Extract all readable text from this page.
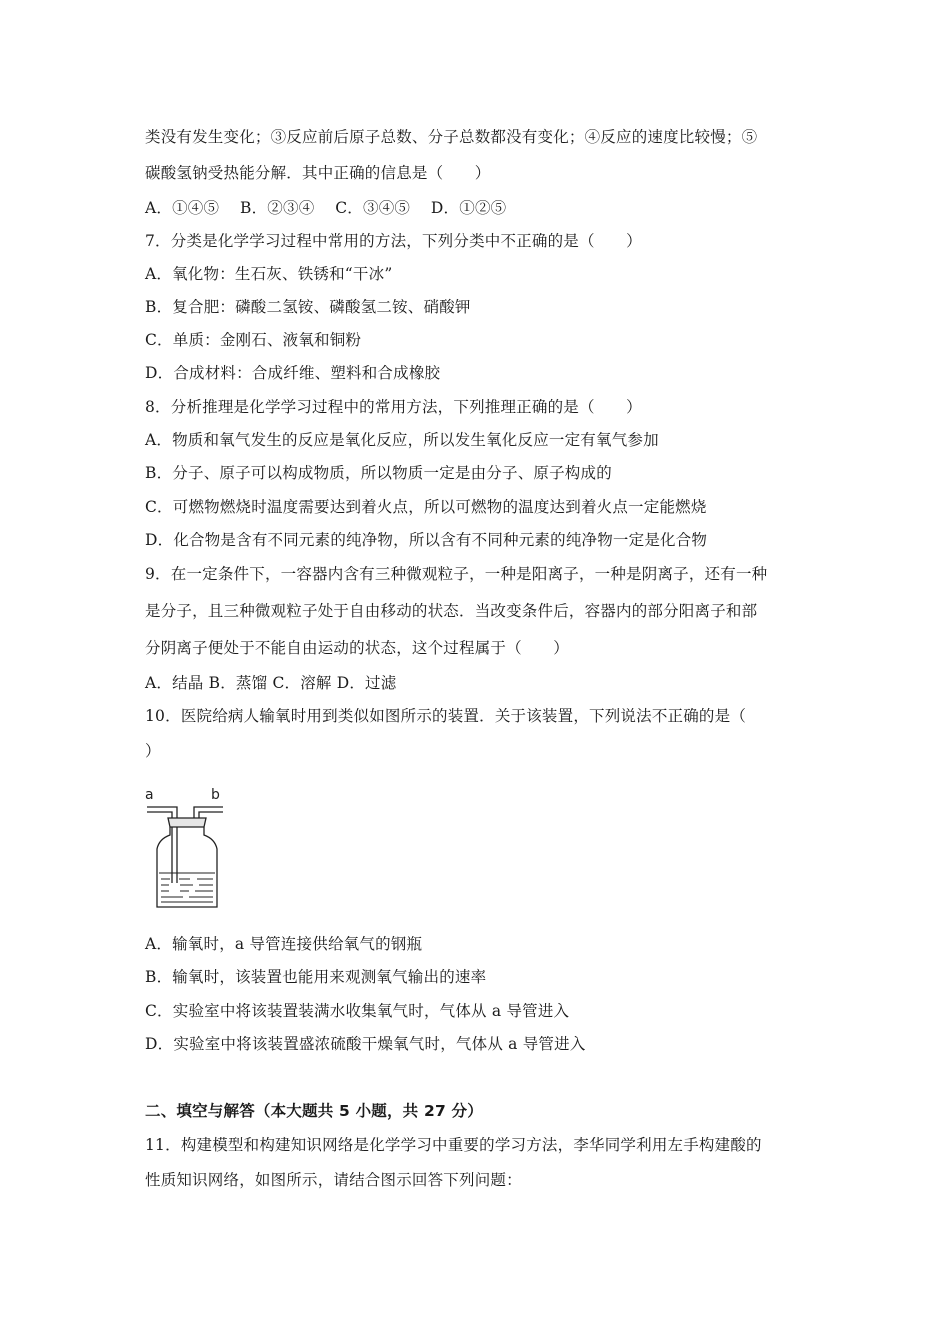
类没有发生变化；③反应前后原子总数、分子总数都没有变化；④反应的速度比较慢；⑤
碳酸氢钠受热能分解．其中正确的信息是（　　）
A．①④⑤　 B．②③④　 C．③④⑤　 D．①②⑤
7．分类是化学学习过程中常用的方法，下列分类中不正确的是（　　）
A．氧化物：生石灰、铁锈和“干冰”
B．复合肥：磷酸二氢铵、磷酸氢二铵、硝酸钾
C．单质：金刚石、液氧和铜粉
D．合成材料：合成纤维、塑料和合成橡胶
8．分析推理是化学学习过程中的常用方法，下列推理正确的是（　　）
A．物质和氧气发生的反应是氧化反应，所以发生氧化反应一定有氧气参加
B．分子、原子可以构成物质，所以物质一定是由分子、原子构成的
C．可燃物燃烧时温度需要达到着火点，所以可燃物的温度达到着火点一定能燃烧
D．化合物是含有不同元素的纯净物，所以含有不同种元素的纯净物一定是化合物
9．在一定条件下，一容器内含有三种微观粒子，一种是阳离子，一种是阴离子，还有一种
是分子，且三种微观粒子处于自由移动的状态．当改变条件后，容器内的部分阳离子和部
分阴离子便处于不能自由运动的状态，这个过程属于（　　）
A．结晶 B．蒸馏 C．溶解 D．过滤
10．医院给病人输氧时用到类似如图所示的装置．关于该装置，下列说法不正确的是（
）
a	b
A．输氧时，a 导管连接供给氧气的钢瓶
B．输氧时，该装置也能用来观测氧气输出的速率
C．实验室中将该装置装满水收集氧气时，气体从 a 导管进入
D．实验室中将该装置盛浓硫酸干燥氧气时，气体从 a 导管进入
二、填空与解答（本大题共 5 小题，共 27 分）
11．构建模型和构建知识网络是化学学习中重要的学习方法，李华同学利用左手构建酸的
性质知识网络，如图所示，请结合图示回答下列问题：
